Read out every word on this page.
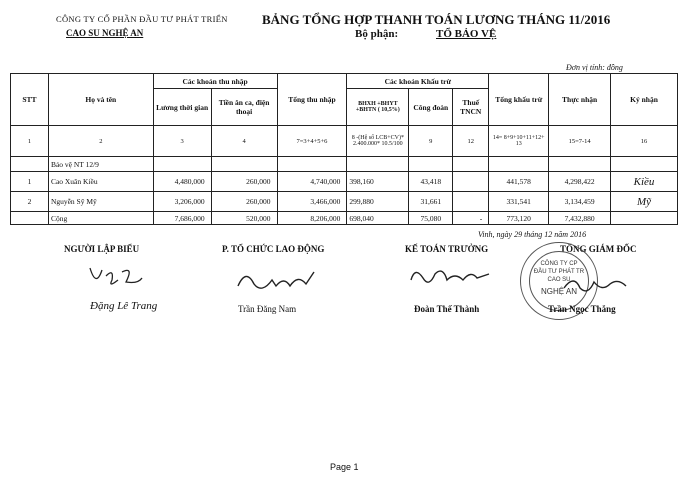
CÔNG TY CỔ PHẦN ĐẦU TƯ PHÁT TRIỂN
CAO SU NGHỆ AN
BẢNG TỔNG HỢP THANH TOÁN LƯƠNG THÁNG 11/2016
Bộ phận:	TỔ BẢO VỆ
Đơn vị tính: đồng
STT	Họ và tên	Các khoản thu nhập		Tổng thu nhập	Các khoản Khấu trừ			Tổng khấu trừ	Thực nhận	Ký nhận
		Lương thời gian	Tiền ăn ca, điện thoại		BHXH +BHYT +BHTN ( 10,5%)	Công đoàn	Thuế TNCN			
1	2	3	4	7=3+4+5+6	8 -(Hệ số LCB+CV)* 2.400.000* 10.5/100	9	12	14= 8+9+10+11+12+ 13	15=7-14	16
	Bảo vệ NT 12/9									
1	Cao Xuân Kiều	4,480,000	260,000	4,740,000	398,160	43,418		441,578	4,298,422	Kiều
2	Nguyễn Sỹ Mỹ	3,206,000	260,000	3,466,000	299,880	31,661		331,541	3,134,459	Mỹ
	Cộng	7,686,000	520,000	8,206,000	698,040	75,080	-	773,120	7,432,880	
Vinh, ngày 29 tháng 12 năm 2016
NGƯỜI LẬP BIỂU	P. TỔ CHỨC LAO ĐỘNG	KẾ TOÁN TRƯỞNG	TỔNG GIÁM ĐỐC
Đặng Lê Trang	Trần Đăng Nam	Đoàn Thế Thành
CÔNG TY CP
ĐẦU TƯ PHÁT TR
CAO SU
NGHỆ AN
Trần Ngọc Thắng
Page 1
